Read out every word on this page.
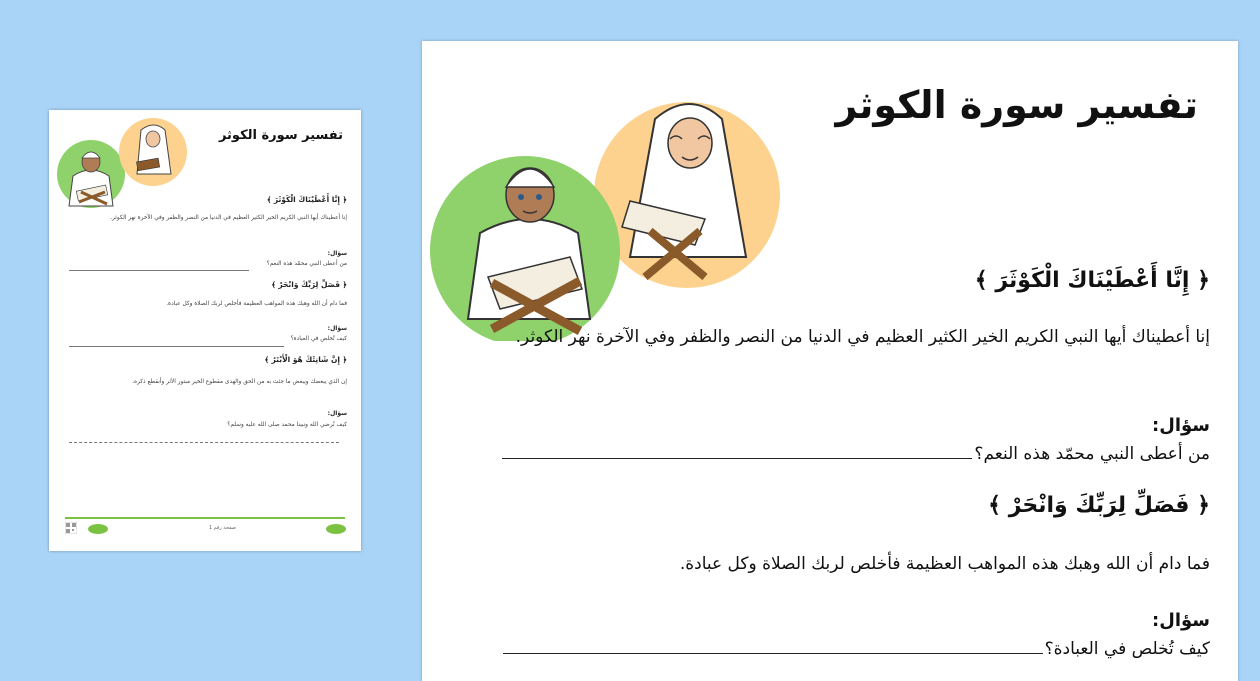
تفسير سورة الكوثر
﴿ إِنَّا أَعْطَيْنَاكَ الْكَوْثَرَ ﴾

إنا أعطيناك أيها النبي الكريم الخير الكثير العظيم في الدنيا من النصر والظفر وفي الآخرة نهر الكوثر.

سؤال:

من أعطى النبي محمّد هذه النعم؟

﴿ فَصَلِّ لِرَبِّكَ وَانْحَرْ ﴾

فما دام أن الله وهبك هذه المواهب العظيمة فأخلص لربك الصلاة وكل عبادة.

سؤال:

كيف تُخلص في العبادة؟

﴿ إِنَّ شَانِئَكَ هُوَ الْأَبْتَرُ ﴾

إن الذي يبغضك ويبغض ما جئت به من الحق والهدى مقطوع الخير مبتور الأثر وأنقطع ذكره.

سؤال:

كيف نُرضي الله ونبينا محمد صلى الله عليه وسلم؟

صفحة رقم 1
تفسير سورة الكوثر
﴿ إِنَّا أَعْطَيْنَاكَ الْكَوْثَرَ ﴾

إنا أعطيناك أيها النبي الكريم الخير الكثير العظيم في الدنيا من النصر والظفر وفي الآخرة نهر الكوثر.

سؤال:

من أعطى النبي محمّد هذه النعم؟
﴿ فَصَلِّ لِرَبِّكَ وَانْحَرْ ﴾

فما دام أن الله وهبك هذه المواهب العظيمة فأخلص لربك الصلاة وكل عبادة.

سؤال:

كيف تُخلص في العبادة؟
